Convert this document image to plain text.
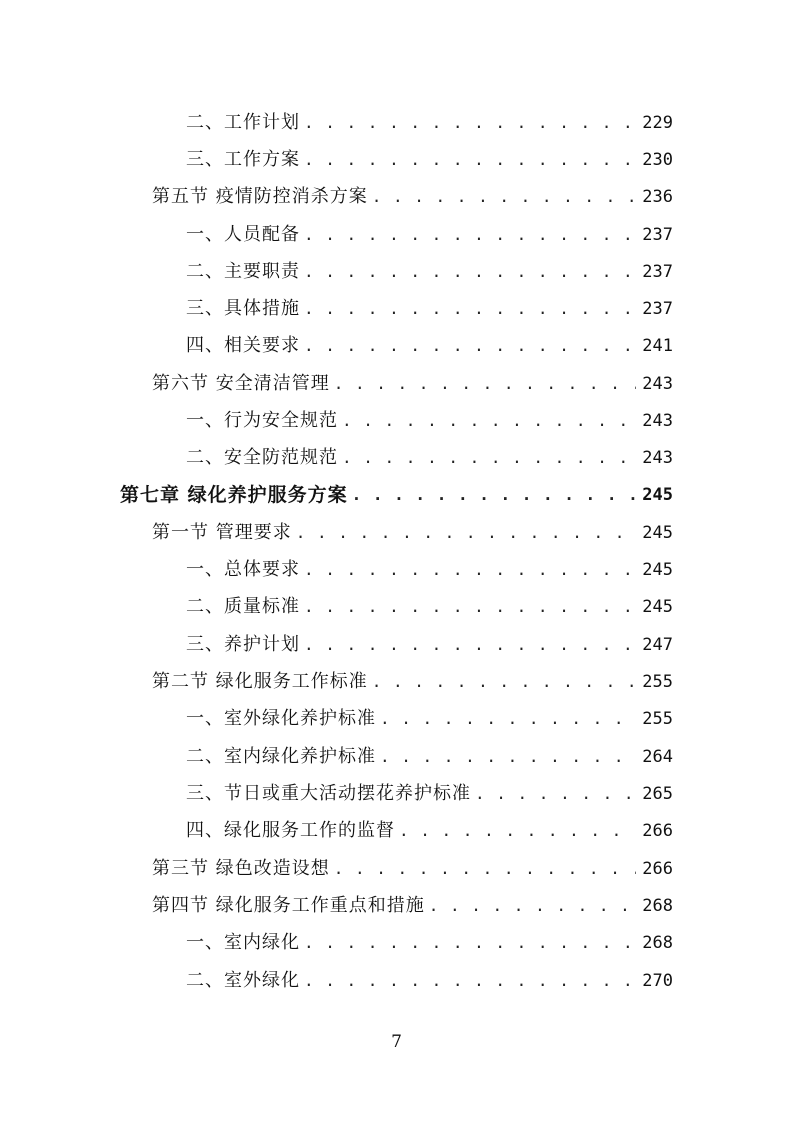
二、工作计划 . . .	229
三、工作方案 . . .	230
第五节 疫情防控消杀方案 . . .	236
一、人员配备 . . .	237
二、主要职责 . . .	237
三、具体措施 . . .	237
四、相关要求 . . .	241
第六节 安全清洁管理 . . .	243
一、行为安全规范 . . .	243
二、安全防范规范 . . .	243
第七章 绿化养护服务方案 . . .	245
第一节 管理要求 . . .	245
一、总体要求 . . .	245
二、质量标准 . . .	245
三、养护计划 . . .	247
第二节 绿化服务工作标准 . . .	255
一、室外绿化养护标准 . . .	255
二、室内绿化养护标准 . . .	264
三、节日或重大活动摆花养护标准 . . .	265
四、绿化服务工作的监督 . . .	266
第三节 绿色改造设想 . . .	266
第四节 绿化服务工作重点和措施 . . .	268
一、室内绿化 . . .	268
二、室外绿化 . . .	270
7
